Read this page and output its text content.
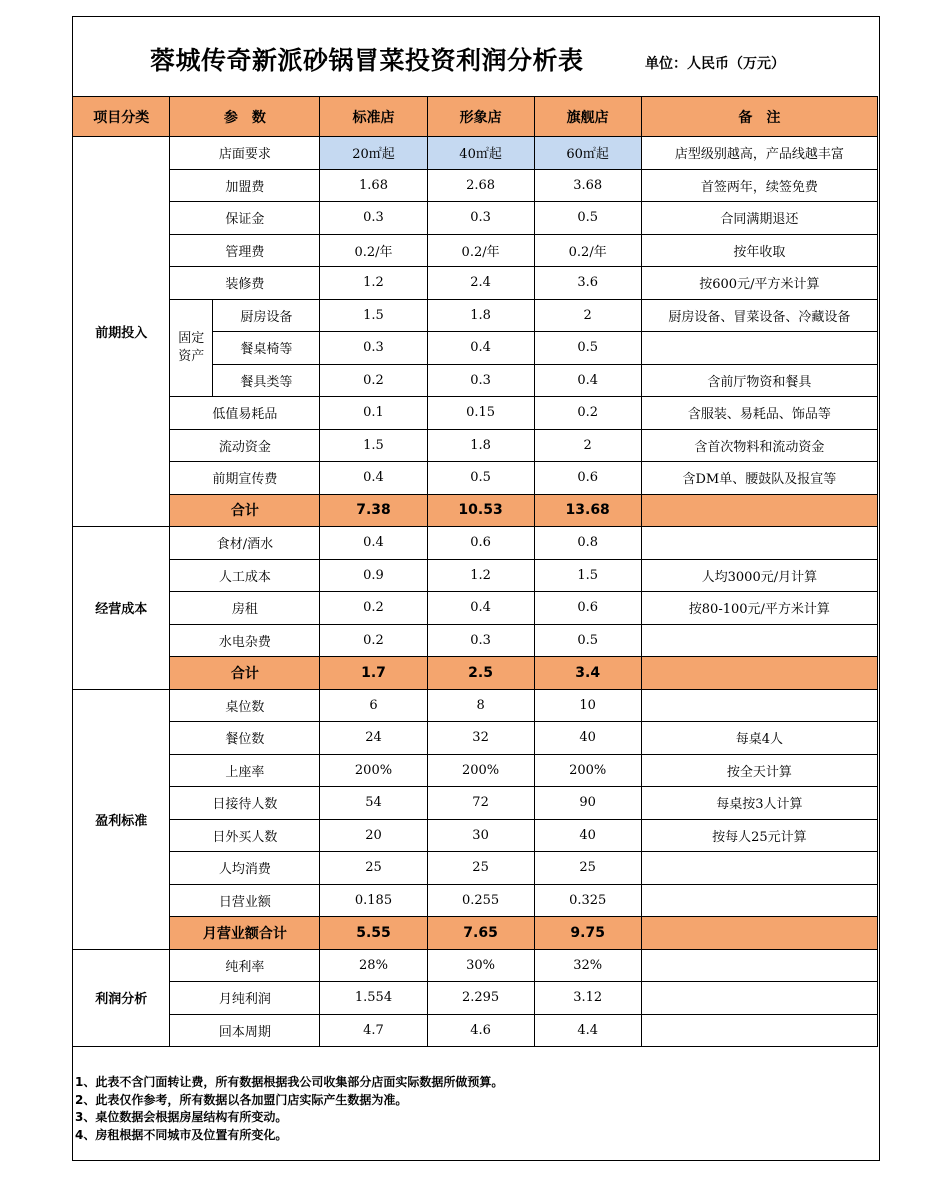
蓉城传奇新派砂锅冒菜投资利润分析表	单位：人民币（万元）
项目分类	参　数		标准店	形象店	旗舰店	备　注
前期投入	店面要求		20㎡起	40㎡起	60㎡起	店型级别越高，产品线越丰富
	加盟费		1.68	2.68	3.68	首签两年，续签免费
	保证金		0.3	0.3	0.5	合同满期退还
	管理费		0.2/年	0.2/年	0.2/年	按年收取
	装修费		1.2	2.4	3.6	按600元/平方米计算
	固定资产	厨房设备	1.5	1.8	2	厨房设备、冒菜设备、冷藏设备
		餐桌椅等	0.3	0.4	0.5	
		餐具类等	0.2	0.3	0.4	含前厅物资和餐具
	低值易耗品		0.1	0.15	0.2	含服装、易耗品、饰品等
	流动资金		1.5	1.8	2	含首次物料和流动资金
	前期宣传费		0.4	0.5	0.6	含DM单、腰鼓队及报宣等
	合计		7.38	10.53	13.68	
经营成本	食材/酒水		0.4	0.6	0.8	
	人工成本		0.9	1.2	1.5	人均3000元/月计算
	房租		0.2	0.4	0.6	按80-100元/平方米计算
	水电杂费		0.2	0.3	0.5	
	合计		1.7	2.5	3.4	
盈利标准	桌位数		6	8	10	
	餐位数		24	32	40	每桌4人
	上座率		200%	200%	200%	按全天计算
	日接待人数		54	72	90	每桌按3人计算
	日外买人数		20	30	40	按每人25元计算
	人均消费		25	25	25	
	日营业额		0.185	0.255	0.325	
	月营业额合计		5.55	7.65	9.75	
利润分析	纯利率		28%	30%	32%	
	月纯利润		1.554	2.295	3.12	
	回本周期		4.7	4.6	4.4	
1、此表不含门面转让费，所有数据根据我公司收集部分店面实际数据所做预算。
2、此表仅作参考，所有数据以各加盟门店实际产生数据为准。
3、桌位数据会根据房屋结构有所变动。
4、房租根据不同城市及位置有所变化。
